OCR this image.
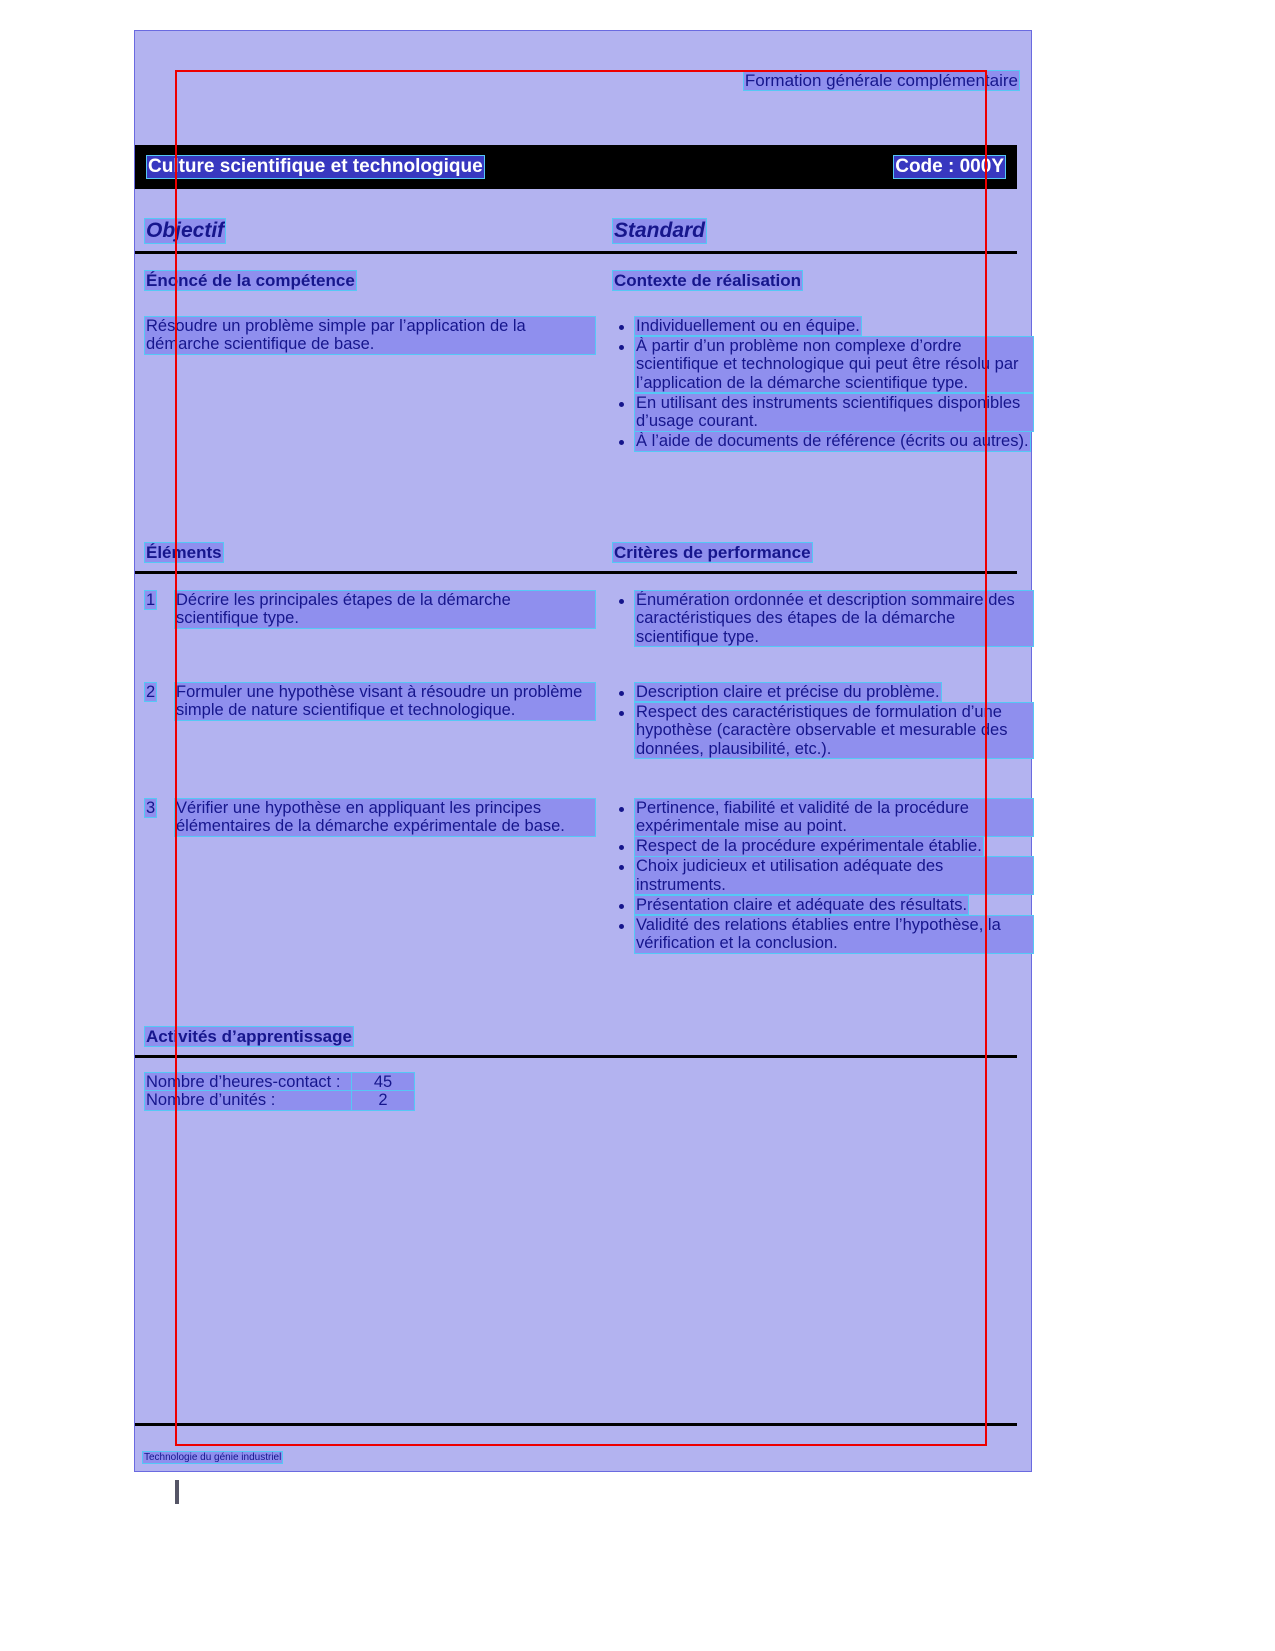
Formation générale complémentaire
Culture scientifique et technologique	Code : 000Y
Objectif	Standard
Énoncé de la compétence	Contexte de réalisation
Résoudre un problème simple par l’application de la démarche scientifique de base.
Individuellement ou en équipe.
À partir d’un problème non complexe d’ordre scientifique et technologique qui peut être résolu par l’application de la démarche scientifique type.
En utilisant des instruments scientifiques disponibles d’usage courant.
À l’aide de documents de référence (écrits ou autres).
Éléments	Critères de performance
1 Décrire les principales étapes de la démarche scientifique type.
Énumération ordonnée et description sommaire des caractéristiques des étapes de la démarche scientifique type.
2 Formuler une hypothèse visant à résoudre un problème simple de nature scientifique et technologique.
Description claire et précise du problème.
Respect des caractéristiques de formulation d’une hypothèse (caractère observable et mesurable des données, plausibilité, etc.).
3 Vérifier une hypothèse en appliquant les principes élémentaires de la démarche expérimentale de base.
Pertinence, fiabilité et validité de la procédure expérimentale mise au point.
Respect de la procédure expérimentale établie.
Choix judicieux et utilisation adéquate des instruments.
Présentation claire et adéquate des résultats.
Validité des relations établies entre l’hypothèse, la vérification et la conclusion.
Activités d’apprentissage
Nombre d’heures-contact :	45
Nombre d’unités :	2
Technologie du génie industriel
